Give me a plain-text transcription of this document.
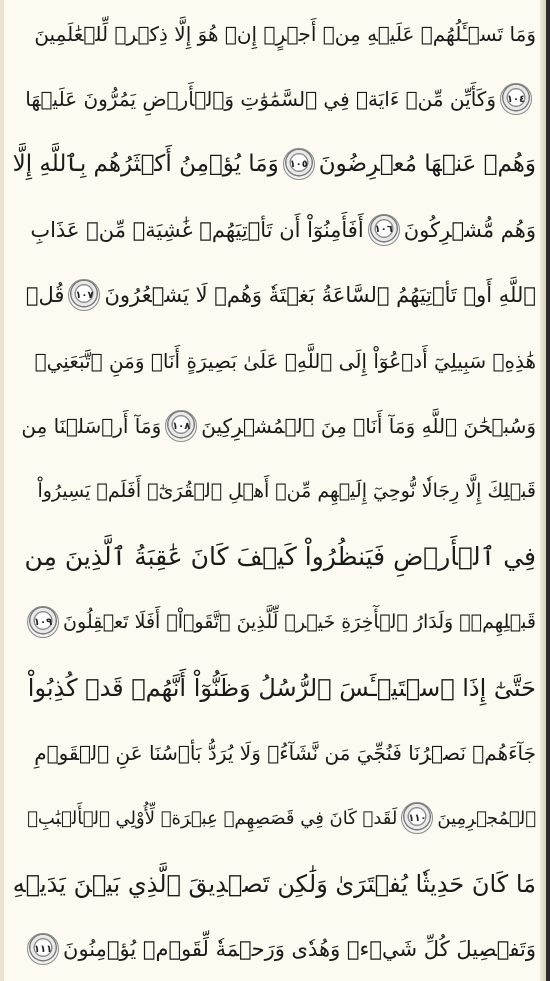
وَمَا تَسۡـَٔلُهُمۡ عَلَيۡهِ مِنۡ أَجۡرٍۚ إِنۡ هُوَ إِلَّا ذِكۡرٞ لِّلۡعَٰلَمِينَ
١٠٤
وَكَأَيِّن مِّنۡ ءَايَةٖ فِي ٱلسَّمَٰوَٰتِ وَٱلۡأَرۡضِ يَمُرُّونَ عَلَيۡهَا
وَهُمۡ عَنۡهَا مُعۡرِضُونَ
١٠٥
وَمَا يُؤۡمِنُ أَكۡثَرُهُم بِٱللَّهِ إِلَّا
وَهُم مُّشۡرِكُونَ
١٠٦
أَفَأَمِنُوٓاْ أَن تَأۡتِيَهُمۡ غَٰشِيَةٞ مِّنۡ عَذَابِ
ٱللَّهِ أَوۡ تَأۡتِيَهُمُ ٱلسَّاعَةُ بَغۡتَةٗ وَهُمۡ لَا يَشۡعُرُونَ
١٠٧
قُلۡ
هَٰذِهِۦ سَبِيلِيٓ أَدۡعُوٓاْ إِلَى ٱللَّهِۚ عَلَىٰ بَصِيرَةٍ أَنَا۠ وَمَنِ ٱتَّبَعَنِيۖ
وَسُبۡحَٰنَ ٱللَّهِ وَمَآ أَنَا۠ مِنَ ٱلۡمُشۡرِكِينَ
١٠٨
وَمَآ أَرۡسَلۡنَا مِن
قَبۡلِكَ إِلَّا رِجَالٗا نُّوحِيٓ إِلَيۡهِم مِّنۡ أَهۡلِ ٱلۡقُرَىٰٓۗ أَفَلَمۡ يَسِيرُواْ
فِي ٱلۡأَرۡضِ فَيَنظُرُواْ كَيۡفَ كَانَ عَٰقِبَةُ ٱلَّذِينَ مِن
قَبۡلِهِمۡۗ وَلَدَارُ ٱلۡأٓخِرَةِ خَيۡرٞ لِّلَّذِينَ ٱتَّقَوۡاْۚ أَفَلَا تَعۡقِلُونَ
١٠٩
حَتَّىٰٓ إِذَا ٱسۡتَيۡـَٔسَ ٱلرُّسُلُ وَظَنُّوٓاْ أَنَّهُمۡ قَدۡ كُذِبُواْ
جَآءَهُمۡ نَصۡرُنَا فَنُجِّيَ مَن نَّشَآءُۖ وَلَا يُرَدُّ بَأۡسُنَا عَنِ ٱلۡقَوۡمِ
ٱلۡمُجۡرِمِينَ
١١٠
لَقَدۡ كَانَ فِي قَصَصِهِمۡ عِبۡرَةٞ لِّأُوْلِي ٱلۡأَلۡبَٰبِۗ
مَا كَانَ حَدِيثٗا يُفۡتَرَىٰ وَلَٰكِن تَصۡدِيقَ ٱلَّذِي بَيۡنَ يَدَيۡهِ
وَتَفۡصِيلَ كُلِّ شَيۡءٖ وَهُدٗى وَرَحۡمَةٗ لِّقَوۡمٖ يُؤۡمِنُونَ
١١١
